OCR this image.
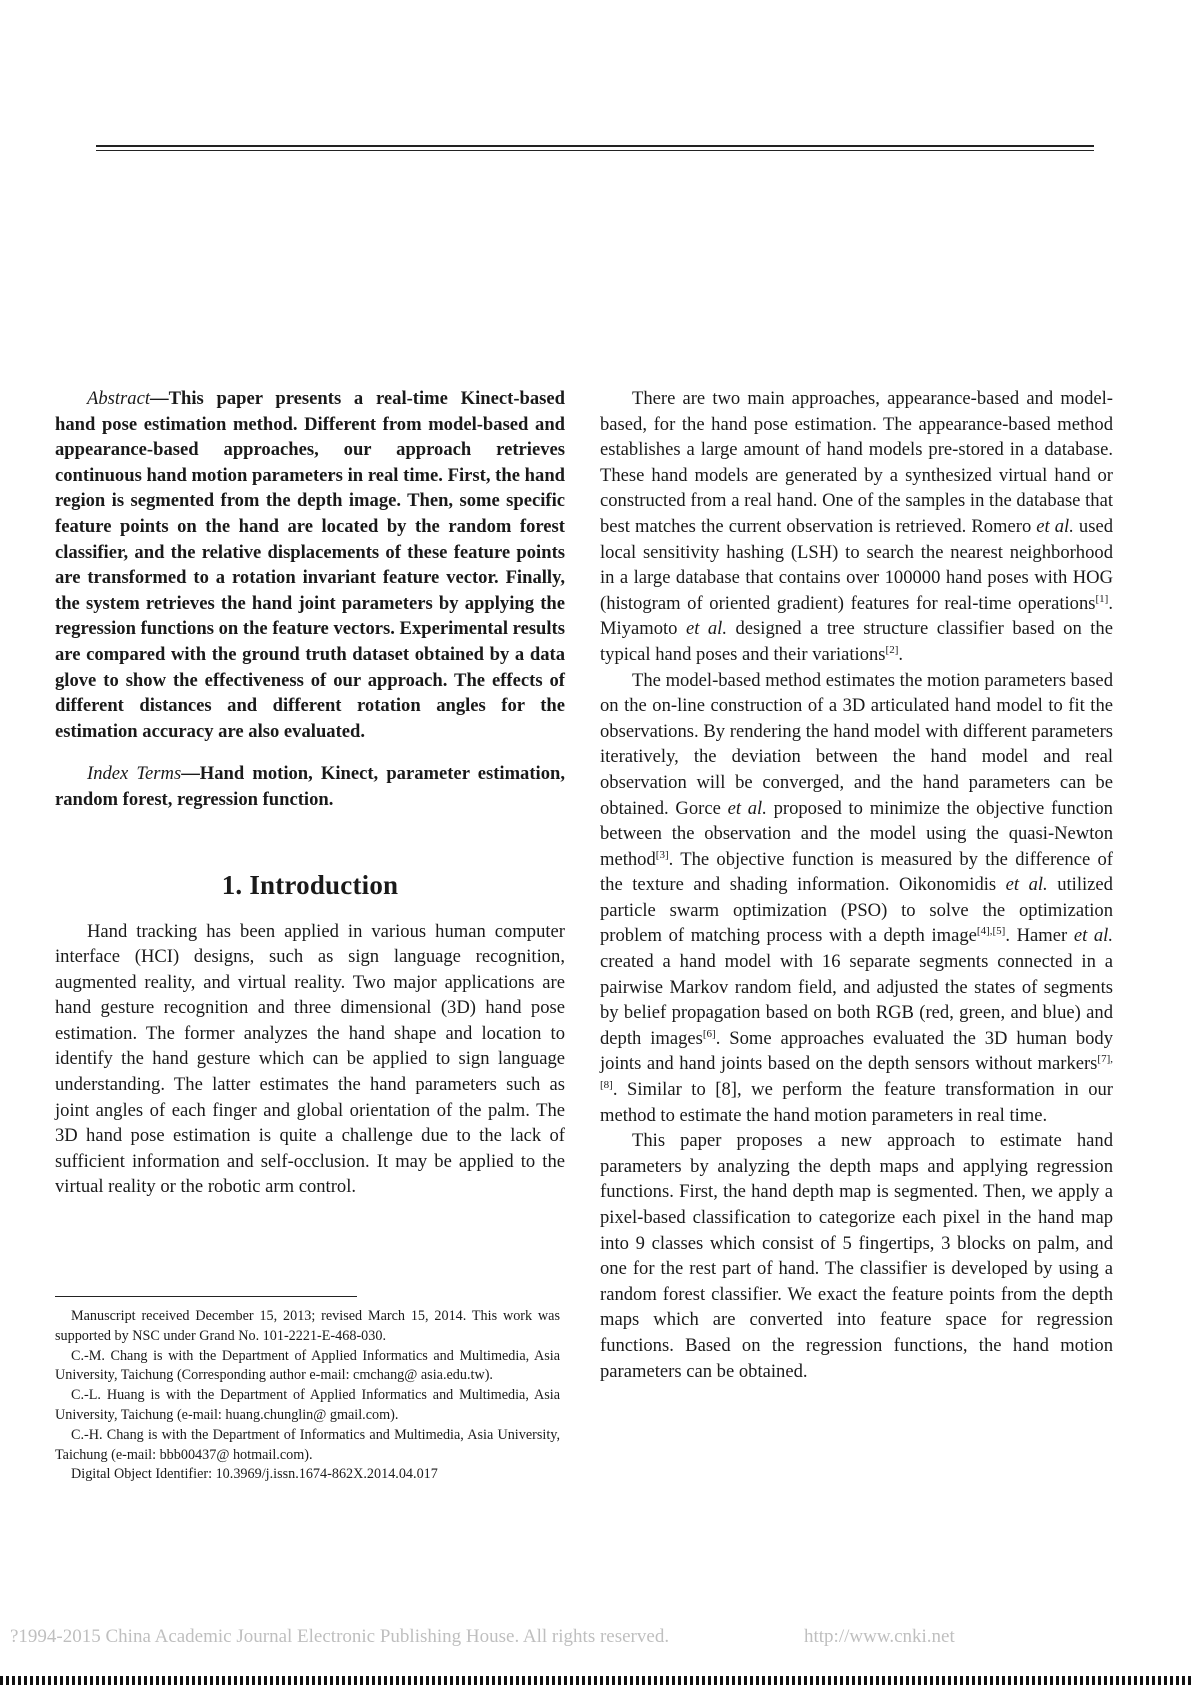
Abstract—This paper presents a real-time Kinect-based hand pose estimation method. Different from model-based and appearance-based approaches, our approach retrieves continuous hand motion parameters in real time. First, the hand region is segmented from the depth image. Then, some specific feature points on the hand are located by the random forest classifier, and the relative displacements of these feature points are transformed to a rotation invariant feature vector. Finally, the system retrieves the hand joint parameters by applying the regression functions on the feature vectors. Experimental results are compared with the ground truth dataset obtained by a data glove to show the effectiveness of our approach. The effects of different distances and different rotation angles for the estimation accuracy are also evaluated.

Index Terms—Hand motion, Kinect, parameter estimation, random forest, regression function.

1. Introduction

Hand tracking has been applied in various human computer interface (HCI) designs, such as sign language recognition, augmented reality, and virtual reality. Two major applications are hand gesture recognition and three dimensional (3D) hand pose estimation. The former analyzes the hand shape and location to identify the hand gesture which can be applied to sign language understanding. The latter estimates the hand parameters such as joint angles of each finger and global orientation of the palm. The 3D hand pose estimation is quite a challenge due to the lack of sufficient information and self-occlusion. It may be applied to the virtual reality or the robotic arm control.

Manuscript received December 15, 2013; revised March 15, 2014. This work was supported by NSC under Grand No. 101-2221-E-468-030.

C.-M. Chang is with the Department of Applied Informatics and Multimedia, Asia University, Taichung (Corresponding author e-mail: cmchang@ asia.edu.tw).

C.-L. Huang is with the Department of Applied Informatics and Multimedia, Asia University, Taichung (e-mail: huang.chunglin@ gmail.com).

C.-H. Chang is with the Department of Informatics and Multimedia, Asia University, Taichung (e-mail: bbb00437@ hotmail.com).

Digital Object Identifier: 10.3969/j.issn.1674-862X.2014.04.017

There are two main approaches, appearance-based and model-based, for the hand pose estimation. The appearance-based method establishes a large amount of hand models pre-stored in a database. These hand models are generated by a synthesized virtual hand or constructed from a real hand. One of the samples in the database that best matches the current observation is retrieved. Romero et al. used local sensitivity hashing (LSH) to search the nearest neighborhood in a large database that contains over 100000 hand poses with HOG (histogram of oriented gradient) features for real-time operations[1]. Miyamoto et al. designed a tree structure classifier based on the typical hand poses and their variations[2].

The model-based method estimates the motion parameters based on the on-line construction of a 3D articulated hand model to fit the observations. By rendering the hand model with different parameters iteratively, the deviation between the hand model and real observation will be converged, and the hand parameters can be obtained. Gorce et al. proposed to minimize the objective function between the observation and the model using the quasi-Newton method[3]. The objective function is measured by the difference of the texture and shading information. Oikonomidis et al. utilized particle swarm optimization (PSO) to solve the optimization problem of matching process with a depth image[4],[5]. Hamer et al. created a hand model with 16 separate segments connected in a pairwise Markov random field, and adjusted the states of segments by belief propagation based on both RGB (red, green, and blue) and depth images[6]. Some approaches evaluated the 3D human body joints and hand joints based on the depth sensors without markers[7],[8]. Similar to [8], we perform the feature transformation in our method to estimate the hand motion parameters in real time.

This paper proposes a new approach to estimate hand parameters by analyzing the depth maps and applying regression functions. First, the hand depth map is segmented. Then, we apply a pixel-based classification to categorize each pixel in the hand map into 9 classes which consist of 5 fingertips, 3 blocks on palm, and one for the rest part of hand. The classifier is developed by using a random forest classifier. We exact the feature points from the depth maps which are converted into feature space for regression functions. Based on the regression functions, the hand motion parameters can be obtained.

?1994-2015 China Academic Journal Electronic Publishing House. All rights reserved.	http://www.cnki.net
